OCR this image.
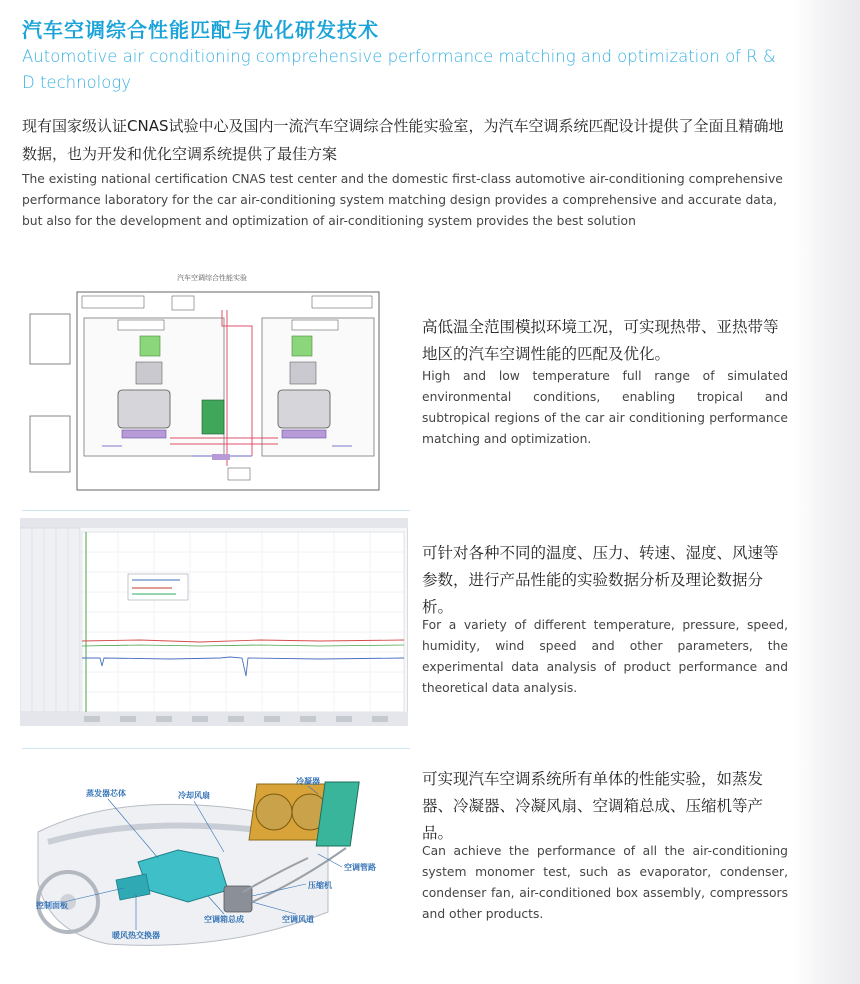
汽车空调综合性能匹配与优化研发技术
Automotive air conditioning comprehensive performance matching and optimization of R & D technology
现有国家级认证CNAS试验中心及国内一流汽车空调综合性能实验室，为汽车空调系统匹配设计提供了全面且精确地数据，也为开发和优化空调系统提供了最佳方案
The existing national certification CNAS test center and the domestic first-class automotive air-conditioning comprehensive performance laboratory for the car air-conditioning system matching design provides a comprehensive and accurate data, but also for the development and optimization of air-conditioning system provides the best solution
汽车空调综合性能实验
高低温全范围模拟环境工况，可实现热带、亚热带等地区的汽车空调性能的匹配及优化。
High and low temperature full range of simulated environmental conditions, enabling tropical and subtropical regions of the car air conditioning performance matching and optimization.
可针对各种不同的温度、压力、转速、湿度、风速等参数，进行产品性能的实验数据分析及理论数据分析。
For a variety of different temperature, pressure, speed, humidity, wind speed and other parameters, the experimental data analysis of product performance and theoretical data analysis.
蒸发器芯体	冷却风扇
冷凝器
空调管路
压缩机
控制面板
空调箱总成	空调风道
暖风热交换器
可实现汽车空调系统所有单体的性能实验，如蒸发器、冷凝器、冷凝风扇、空调箱总成、压缩机等产品。
Can achieve the performance of all the air-conditioning system monomer test, such as evaporator, condenser, condenser fan, air-conditioned box assembly, compressors and other products.
